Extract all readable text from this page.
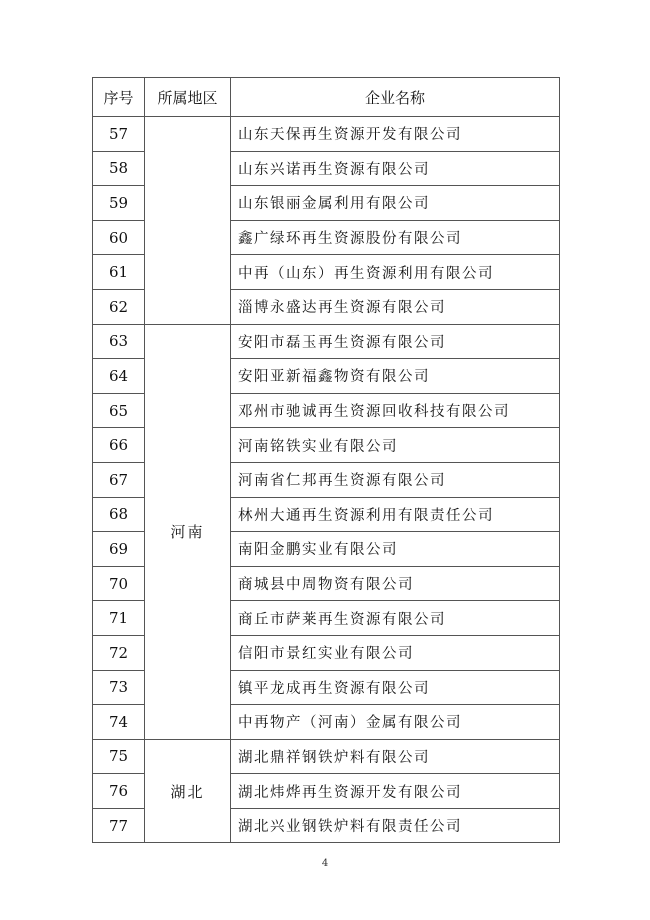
序号	所属地区	企业名称
57		山东天保再生资源开发有限公司
58		山东兴诺再生资源有限公司
59		山东银丽金属利用有限公司
60		鑫广绿环再生资源股份有限公司
61		中再（山东）再生资源利用有限公司
62		淄博永盛达再生资源有限公司
63	河南	安阳市磊玉再生资源有限公司
64		安阳亚新福鑫物资有限公司
65		邓州市驰诚再生资源回收科技有限公司
66		河南铭铁实业有限公司
67		河南省仁邦再生资源有限公司
68		林州大通再生资源利用有限责任公司
69		南阳金鹏实业有限公司
70		商城县中周物资有限公司
71		商丘市萨莱再生资源有限公司
72		信阳市景红实业有限公司
73		镇平龙成再生资源有限公司
74		中再物产（河南）金属有限公司
75	湖北	湖北鼎祥钢铁炉料有限公司
76		湖北炜烨再生资源开发有限公司
77		湖北兴业钢铁炉料有限责任公司
4
